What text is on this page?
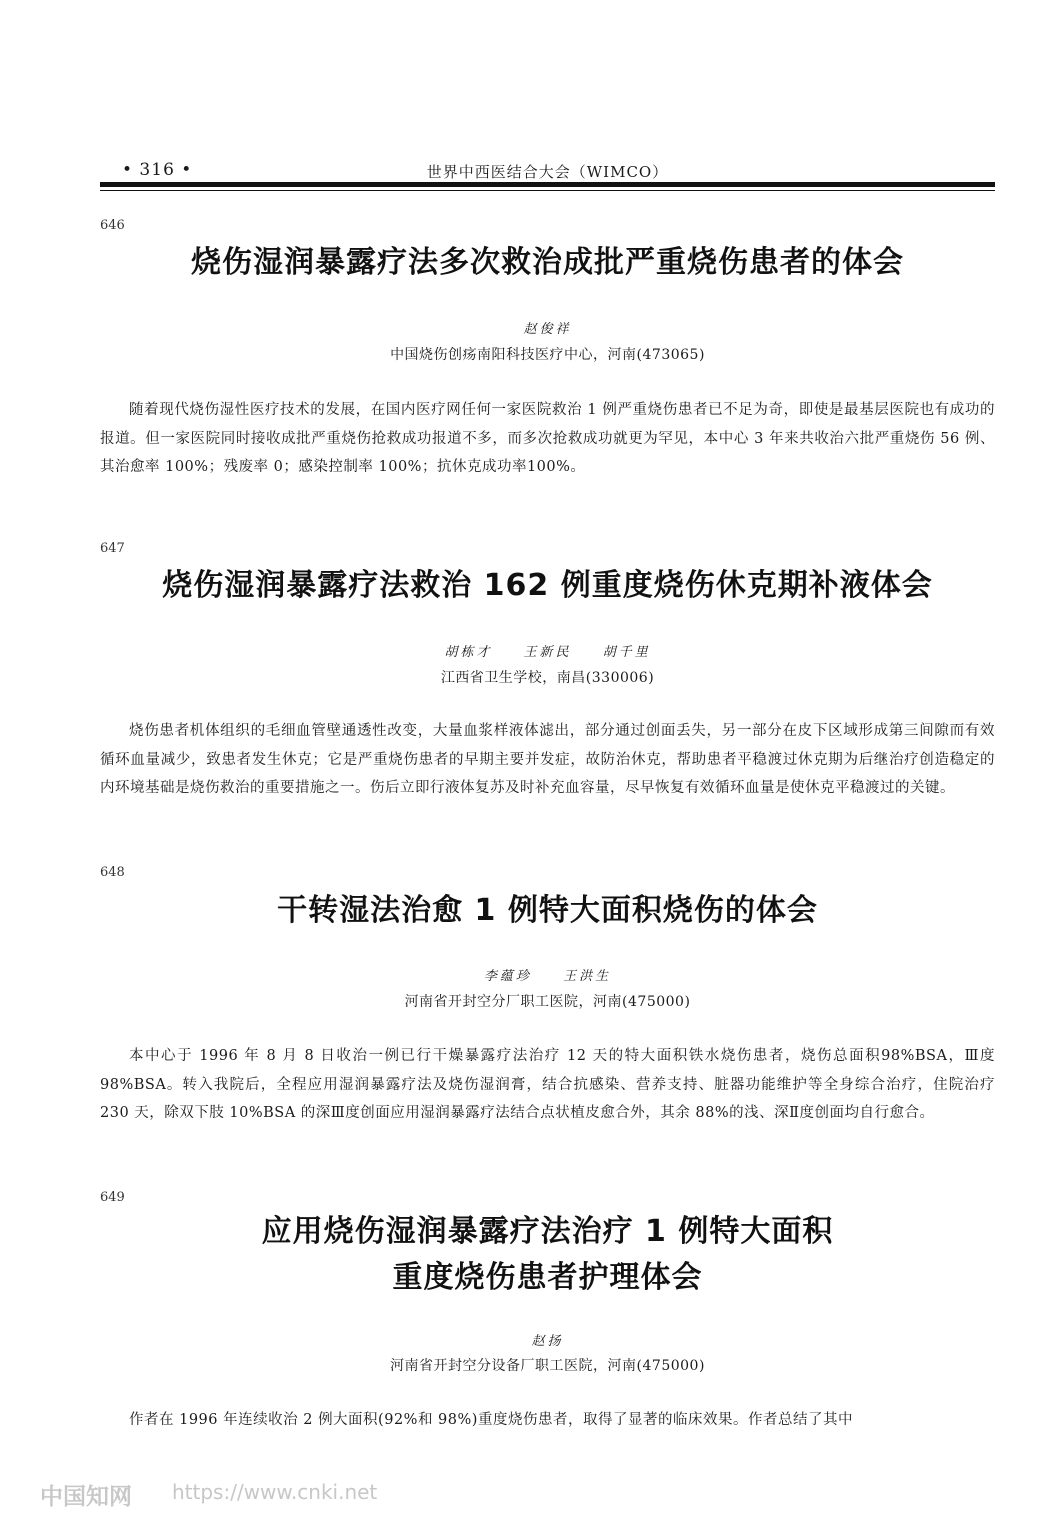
• 316 •	世界中西医结合大会（WIMCO）
646
烧伤湿润暴露疗法多次救治成批严重烧伤患者的体会
赵俊祥
中国烧伤创疡南阳科技医疗中心，河南(473065)

随着现代烧伤湿性医疗技术的发展，在国内医疗网任何一家医院救治 1 例严重烧伤患者已不足为奇，即使是最基层医院也有成功的报道。但一家医院同时接收成批严重烧伤抢救成功报道不多，而多次抢救成功就更为罕见，本中心 3 年来共收治六批严重烧伤 56 例、其治愈率 100%；残废率 0；感染控制率 100%；抗休克成功率100%。

647
烧伤湿润暴露疗法救治 162 例重度烧伤休克期补液体会
胡栋才 王新民 胡千里
江西省卫生学校，南昌(330006)

烧伤患者机体组织的毛细血管壁通透性改变，大量血浆样液体滤出，部分通过创面丢失，另一部分在皮下区域形成第三间隙而有效循环血量减少，致患者发生休克；它是严重烧伤患者的早期主要并发症，故防治休克，帮助患者平稳渡过休克期为后继治疗创造稳定的内环境基础是烧伤救治的重要措施之一。伤后立即行液体复苏及时补充血容量，尽早恢复有效循环血量是使休克平稳渡过的关键。

648
干转湿法治愈 1 例特大面积烧伤的体会
李蕴珍 王洪生
河南省开封空分厂职工医院，河南(475000)

本中心于 1996 年 8 月 8 日收治一例已行干燥暴露疗法治疗 12 天的特大面积铁水烧伤患者，烧伤总面积98%BSA，Ⅲ度 98%BSA。转入我院后，全程应用湿润暴露疗法及烧伤湿润膏，结合抗感染、营养支持、脏器功能维护等全身综合治疗，住院治疗 230 天，除双下肢 10%BSA 的深Ⅲ度创面应用湿润暴露疗法结合点状植皮愈合外，其余 88%的浅、深Ⅱ度创面均自行愈合。

649
应用烧伤湿润暴露疗法治疗 1 例特大面积
重度烧伤患者护理体会
赵扬
河南省开封空分设备厂职工医院，河南(475000)

作者在 1996 年连续收治 2 例大面积(92%和 98%)重度烧伤患者，取得了显著的临床效果。作者总结了其中

中国知网 https://www.cnki.net
